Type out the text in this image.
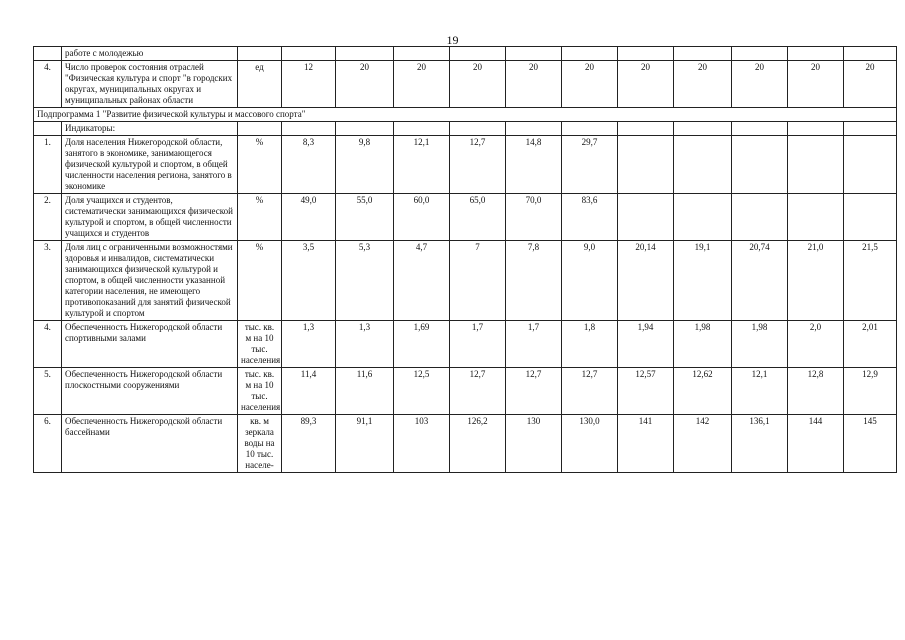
19
	работе с молодежью												
4.	Число проверок состояния отраслей "Физическая культура и спорт "в городских округах, муниципальных округах и муниципальных районах области	ед	12	20	20	20	20	20	20	20	20	20	20
Подпрограмма 1 "Развитие физической культуры и массового спорта"													
	Индикаторы:												
1.	Доля населения Нижегородской области, занятого в экономике, занимающегося физической культурой и спортом, в общей численности населения региона, занятого в экономике	%	8,3	9,8	12,1	12,7	14,8	29,7					
2.	Доля учащихся и студентов, систематически занимающихся физической культурой и спортом, в общей численности учащихся и студентов	%	49,0	55,0	60,0	65,0	70,0	83,6					
3.	Доля лиц с ограниченными возможностями здоровья и инвалидов, систематически занимающихся физической культурой и спортом, в общей численности указанной категории населения, не имеющего противопоказаний для занятий физической культурой и спортом	%	3,5	5,3	4,7	7	7,8	9,0	20,14	19,1	20,74	21,0	21,5
4.	Обеспеченность Нижегородской области спортивными залами	тыс. кв. м на 10 тыс. населения	1,3	1,3	1,69	1,7	1,7	1,8	1,94	1,98	1,98	2,0	2,01
5.	Обеспеченность Нижегородской области плоскостными сооружениями	тыс. кв. м на 10 тыс. населения	11,4	11,6	12,5	12,7	12,7	12,7	12,57	12,62	12,1	12,8	12,9
6.	Обеспеченность Нижегородской области бассейнами	кв. м зеркала воды на 10 тыс. населе-	89,3	91,1	103	126,2	130	130,0	141	142	136,1	144	145
